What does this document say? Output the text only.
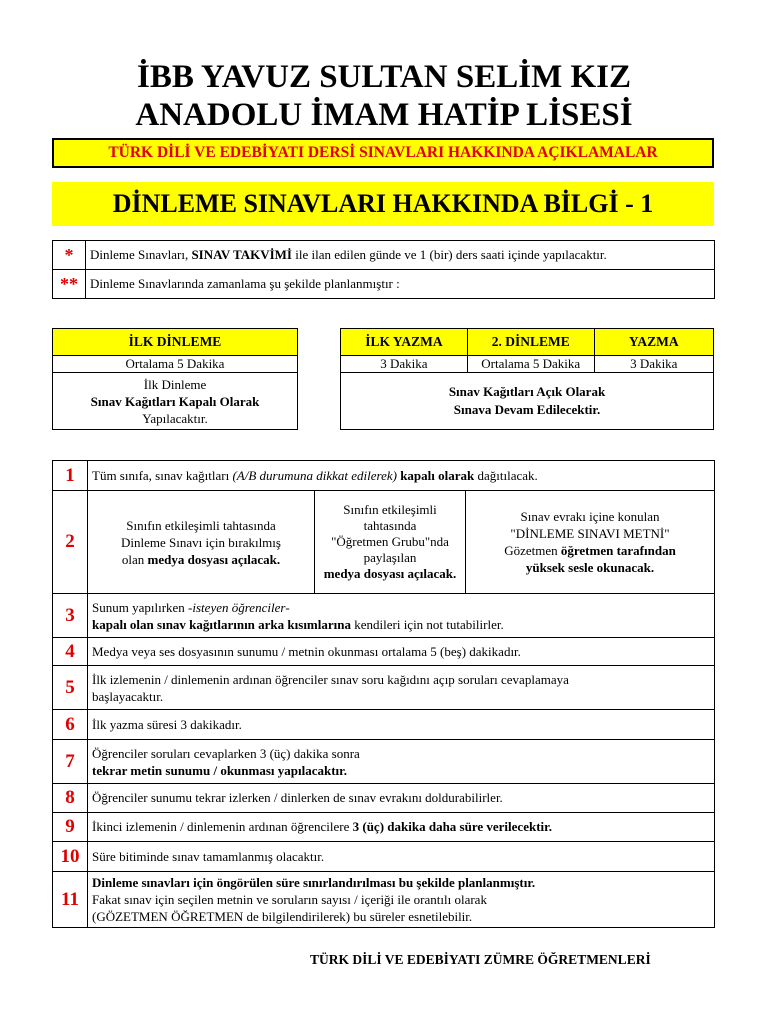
İBB YAVUZ SULTAN SELİM KIZ
ANADOLU İMAM HATİP LİSESİ
TÜRK DİLİ VE EDEBİYATI DERSİ SINAVLARI HAKKINDA AÇIKLAMALAR
DİNLEME SINAVLARI HAKKINDA BİLGİ - 1
*	Dinleme Sınavları, SINAV TAKVİMİ ile ilan edilen günde ve 1 (bir) ders saati içinde yapılacaktır.
**	Dinleme Sınavlarında zamanlama şu şekilde planlanmıştır :
İLK DİNLEME
Ortalama 5 Dakika
İlk Dinleme
Sınav Kağıtları Kapalı Olarak
Yapılacaktır.
İLK YAZMA	2. DİNLEME	YAZMA
3 Dakika	Ortalama 5 Dakika	3 Dakika
Sınav Kağıtları Açık Olarak
Sınava Devam Edilecektir.		
1	Tüm sınıfa, sınav kağıtları (A/B durumuna dikkat edilerek) kapalı olarak dağıtılacak.		
2	Sınıfın etkileşimli tahtasında
Dinleme Sınavı için bırakılmış
olan medya dosyası açılacak.	Sınıfın etkileşimli
tahtasında
"Öğretmen Grubu"nda
paylaşılan
medya dosyası açılacak.	Sınav evrakı içine konulan
"DİNLEME SINAVI METNİ"
Gözetmen öğretmen tarafından
yüksek sesle okunacak.
3	Sunum yapılırken -isteyen öğrenciler-
kapalı olan sınav kağıtlarının arka kısımlarına kendileri için not tutabilirler.		
4	Medya veya ses dosyasının sunumu / metnin okunması ortalama 5 (beş) dakikadır.		
5	İlk izlemenin / dinlemenin ardınan öğrenciler sınav soru kağıdını açıp soruları cevaplamaya
başlayacaktır.		
6	İlk yazma süresi 3 dakikadır.		
7	Öğrenciler soruları cevaplarken 3 (üç) dakika sonra
tekrar metin sunumu / okunması yapılacaktır.		
8	Öğrenciler sunumu tekrar izlerken / dinlerken de sınav evrakını doldurabilirler.		
9	İkinci izlemenin / dinlemenin ardınan öğrencilere 3 (üç) dakika daha süre verilecektir.		
10	Süre bitiminde sınav tamamlanmış olacaktır.		
11	Dinleme sınavları için öngörülen süre sınırlandırılması bu şekilde planlanmıştır.
Fakat sınav için seçilen metnin ve soruların sayısı / içeriği ile orantılı olarak
(GÖZETMEN ÖĞRETMEN de bilgilendirilerek) bu süreler esnetilebilir.		
TÜRK DİLİ VE EDEBİYATI ZÜMRE ÖĞRETMENLERİ
